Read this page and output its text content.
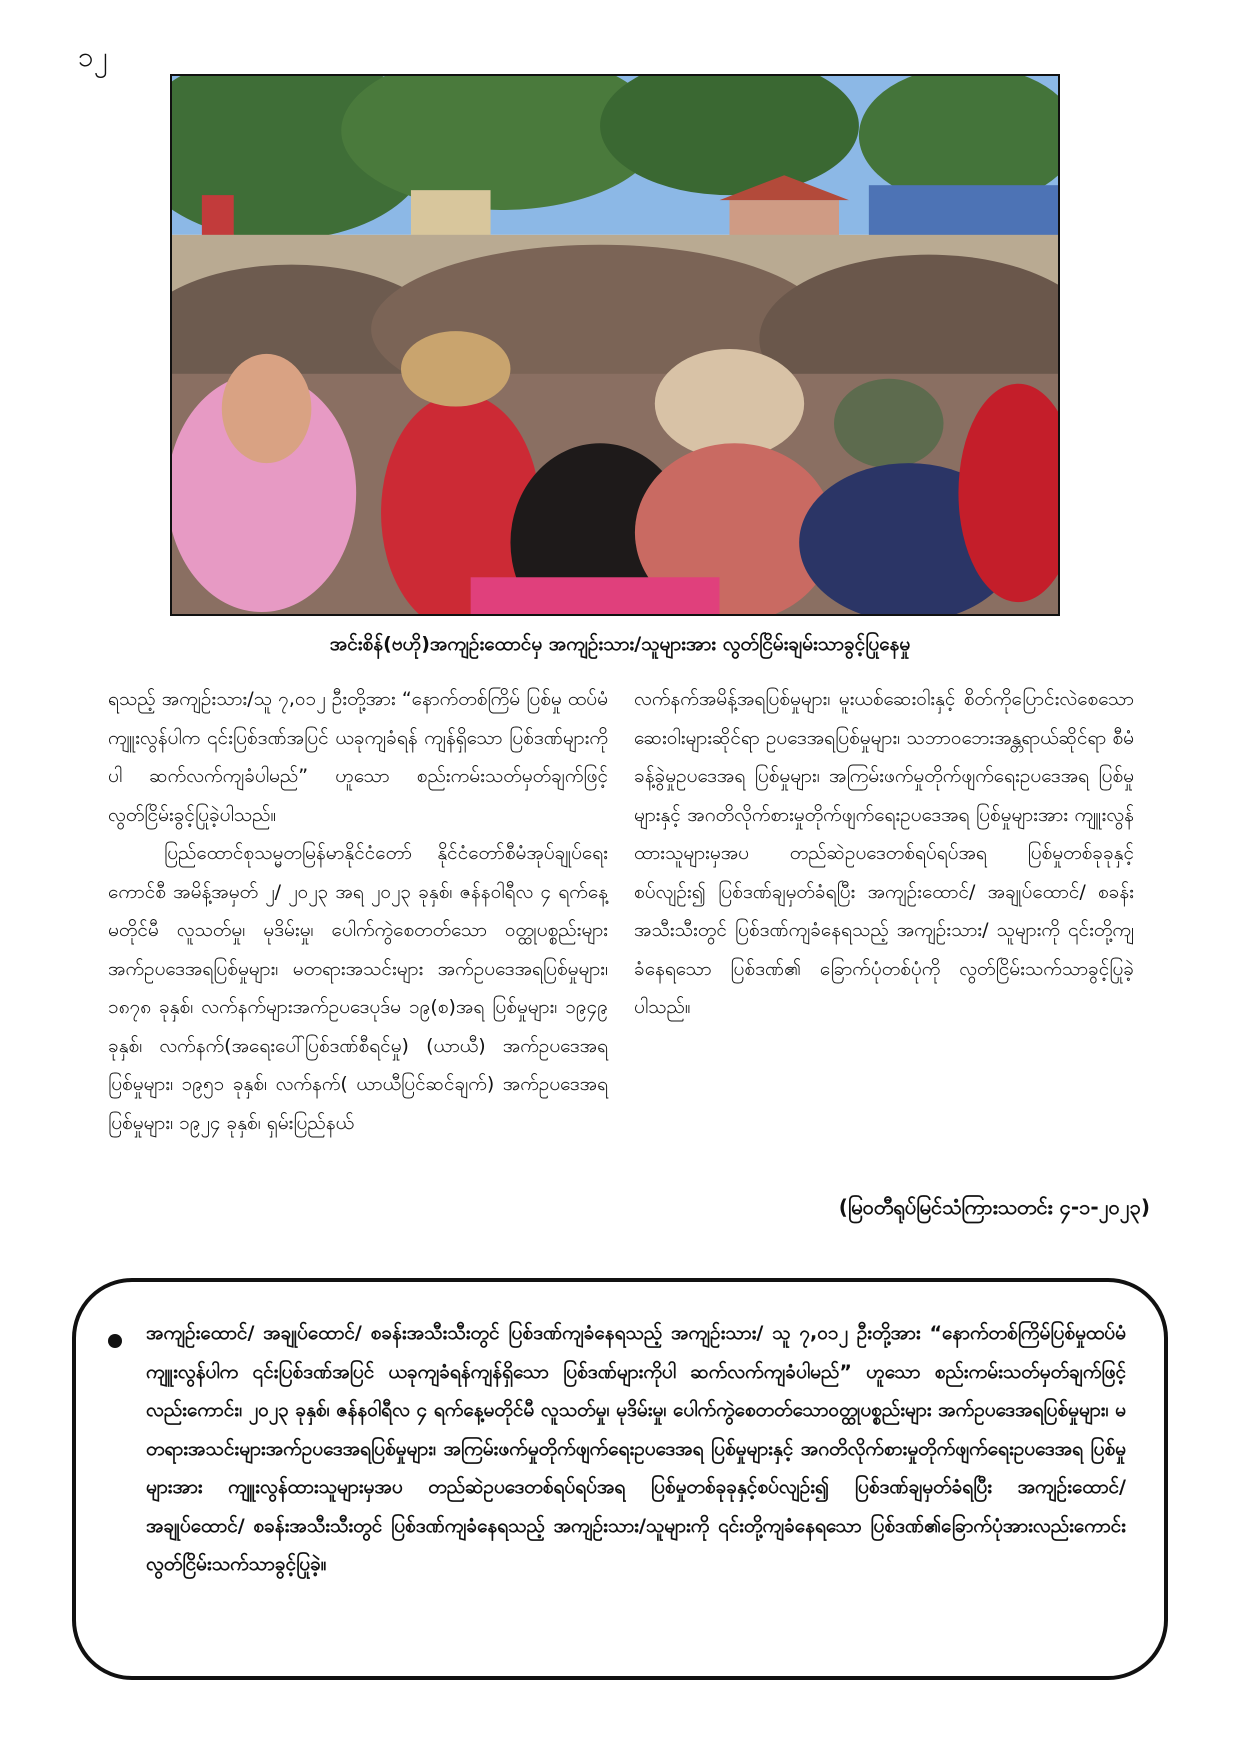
၁၂
အင်းစိန်(ဗဟို)အကျဉ်းထောင်မှ အကျဉ်းသား/သူများအား လွတ်ငြိမ်းချမ်းသာခွင့်ပြုနေမှု

ရသည့် အကျဉ်းသား/သူ ၇,၀၁၂ ဦးတို့အား “နောက်တစ်ကြိမ် ပြစ်မှု ထပ်မံကျူးလွန်ပါက ၎င်းပြစ်ဒဏ်အပြင် ယခုကျခံရန် ကျန်ရှိသော ပြစ်ဒဏ်များကိုပါ ဆက်လက်ကျခံပါမည်” ဟူသော စည်းကမ်းသတ်မှတ်ချက်ဖြင့်လွတ်ငြိမ်းခွင့်ပြုခဲ့ပါသည်။

ပြည်ထောင်စုသမ္မတမြန်မာနိုင်ငံတော် နိုင်ငံတော်စီမံအုပ်ချုပ်ရေးကောင်စီ အမိန့်အမှတ် ၂/ ၂၀၂၃ အရ ၂၀၂၃ ခုနှစ်၊ ဇန်နဝါရီလ ၄ ရက်နေ့မတိုင်မီ လူသတ်မှု၊ မုဒိမ်းမှု၊ ပေါက်ကွဲစေတတ်သော ဝတ္ထုပစ္စည်းများ အက်ဥပဒေအရပြစ်မှုများ၊ မတရားအသင်းများ အက်ဥပဒေအရပြစ်မှုများ၊ ၁၈၇၈ ခုနှစ်၊ လက်နက်များအက်ဥပဒေပုဒ်မ ၁၉(စ)အရ ပြစ်မှုများ၊ ၁၉၄၉ ခုနှစ်၊ လက်နက်(အရေးပေါ်ပြစ်ဒဏ်စီရင်မှု) (ယာယီ) အက်ဥပဒေအရ ပြစ်မှုများ၊ ၁၉၅၁ ခုနှစ်၊ လက်နက်( ယာယီပြင်ဆင်ချက်) အက်ဥပဒေအရပြစ်မှုများ၊ ၁၉၂၄ ခုနှစ်၊ ရှမ်းပြည်နယ်

လက်နက်အမိန့်အရပြစ်မှုများ၊ မူးယစ်ဆေးဝါးနှင့် စိတ်ကိုပြောင်းလဲစေသောဆေးဝါးများဆိုင်ရာ ဥပဒေအရပြစ်မှုများ၊ သဘာဝဘေးအန္တရာယ်ဆိုင်ရာ စီမံခန့်ခွဲမှုဥပဒေအရ ပြစ်မှုများ၊ အကြမ်းဖက်မှုတိုက်ဖျက်ရေးဥပဒေအရ ပြစ်မှုများနှင့် အဂတိလိုက်စားမှုတိုက်ဖျက်ရေးဥပဒေအရ ပြစ်မှုများအား ကျူးလွန်ထားသူများမှအပ တည်ဆဲဥပဒေတစ်ရပ်ရပ်အရ ပြစ်မှုတစ်ခုခုနှင့်စပ်လျဉ်း၍ ပြစ်ဒဏ်ချမှတ်ခံရပြီး အကျဉ်းထောင်/ အချုပ်ထောင်/ စခန်းအသီးသီးတွင် ပြစ်ဒဏ်ကျခံနေရသည့် အကျဉ်းသား/ သူများကို ၎င်းတို့ကျခံနေရသော ပြစ်ဒဏ်၏ ခြောက်ပုံတစ်ပုံကို လွတ်ငြိမ်းသက်သာခွင့်ပြုခဲ့ပါသည်။

(မြဝတီရုပ်မြင်သံကြားသတင်း ၄-၁-၂၀၂၃)
အကျဉ်းထောင်/ အချုပ်ထောင်/ စခန်းအသီးသီးတွင် ပြစ်ဒဏ်ကျခံနေရသည့် အကျဉ်းသား/ သူ ၇,၀၁၂ ဦးတို့အား “နောက်တစ်ကြိမ်ပြစ်မှုထပ်မံကျူးလွန်ပါက ၎င်းပြစ်ဒဏ်အပြင် ယခုကျခံရန်ကျန်ရှိသော ပြစ်ဒဏ်များကိုပါ ဆက်လက်ကျခံပါမည်” ဟူသော စည်းကမ်းသတ်မှတ်ချက်ဖြင့်လည်းကောင်း၊ ၂၀၂၃ ခုနှစ်၊ ဇန်နဝါရီလ ၄ ရက်နေ့မတိုင်မီ လူသတ်မှု၊ မုဒိမ်းမှု၊ ပေါက်ကွဲစေတတ်သောဝတ္ထုပစ္စည်းများ အက်ဥပဒေအရပြစ်မှုများ၊ မတရားအသင်းများအက်ဥပဒေအရပြစ်မှုများ၊ အကြမ်းဖက်မှုတိုက်ဖျက်ရေးဥပဒေအရ ပြစ်မှုများနှင့် အဂတိလိုက်စားမှုတိုက်ဖျက်ရေးဥပဒေအရ ပြစ်မှုများအား ကျူးလွန်ထားသူများမှအပ တည်ဆဲဥပဒေတစ်ရပ်ရပ်အရ ပြစ်မှုတစ်ခုခုနှင့်စပ်လျဉ်း၍ ပြစ်ဒဏ်ချမှတ်ခံရပြီး အကျဉ်းထောင်/ အချုပ်ထောင်/ စခန်းအသီးသီးတွင် ပြစ်ဒဏ်ကျခံနေရသည့် အကျဉ်းသား/သူများကို ၎င်းတို့ကျခံနေရသော ပြစ်ဒဏ်၏ခြောက်ပုံအားလည်းကောင်း လွတ်ငြိမ်းသက်သာခွင့်ပြုခဲ့။
